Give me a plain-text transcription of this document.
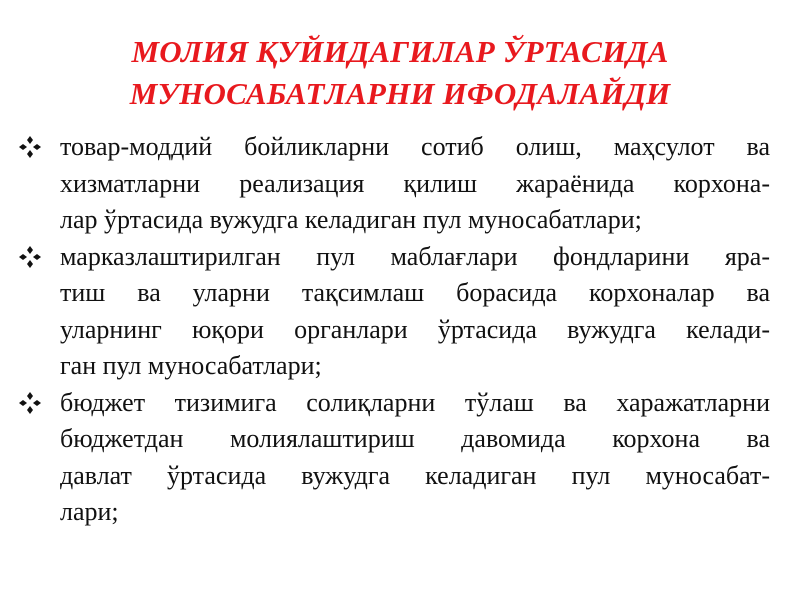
МОЛИЯ ҚУЙИДАГИЛАР ЎРТАСИДА
МУНОСАБАТЛАРНИ ИФОДАЛАЙДИ
товар-моддий бойликларни сотиб олиш, маҳсулот ва
хизматларни реализация қилиш жараёнида корхона-
лар ўртасида вужудга келадиган пул муносабатлари;
марказлаштирилган пул маблағлари фондларини яра-
тиш ва уларни тақсимлаш борасида корхоналар ва
уларнинг юқори органлари ўртасида вужудга келади-
ган пул муносабатлари;
бюджет тизимига солиқларни тўлаш ва харажатларни
бюджетдан молиялаштириш давомида корхона ва
давлат ўртасида вужудга келадиган пул муносабат-
лари;
